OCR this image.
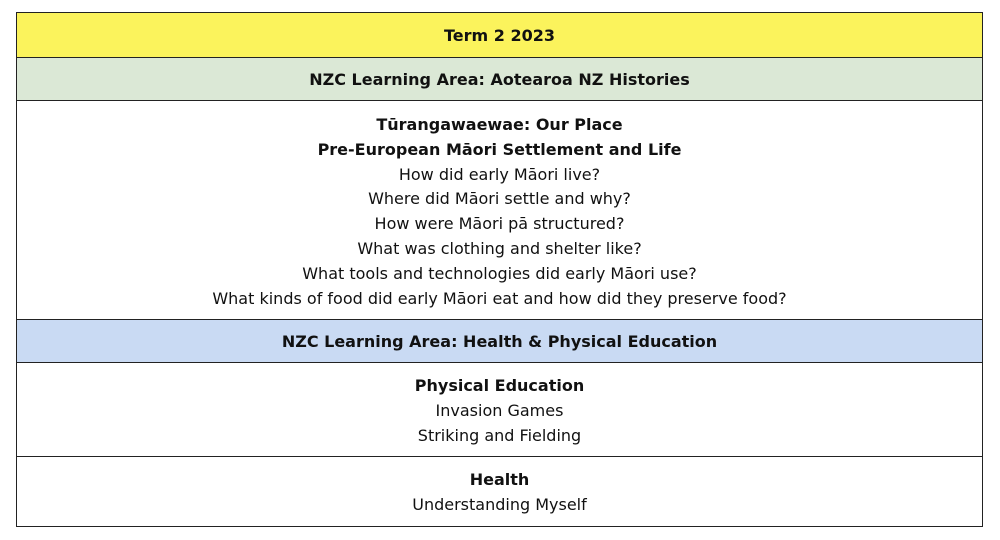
Term 2 2023
NZC Learning Area: Aotearoa NZ Histories
Tūrangawaewae: Our Place
Pre-European Māori Settlement and Life
How did early Māori live?
Where did Māori settle and why?
How were Māori pā structured?
What was clothing and shelter like?
What tools and technologies did early Māori use?
What kinds of food did early Māori eat and how did they preserve food?
NZC Learning Area: Health & Physical Education
Physical Education
Invasion Games
Striking and Fielding
Health
Understanding Myself
